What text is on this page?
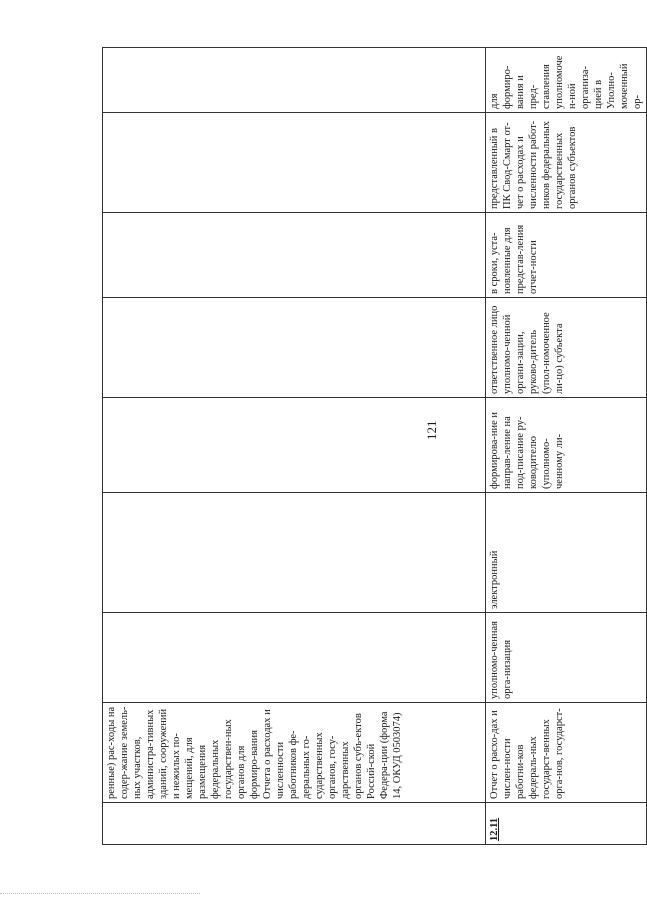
121
	ренные) рас-ходы на содер-жание земель-ных участков, администра-тивных зданий, сооружений и нежилых по-мещений, для размещения федеральных государствен-ных органов для формиро-вания Отчета о расходах и численности работников фе-деральных го-сударственных органов, госу-дарственных органов субъ-ектов Россий-ской Федера-ции (форма 14, ОКУД 0503074)							
12.11	Отчет о расхо-дах и числен-ности работни-ков федераль-ных государст-венных орга-нов, государст-	уполномо-ченная орга-низация	электронный	формирова-ние и направ-ление на под-писание ру-ководителю (уполномо-ченному ли-	ответственное лицо уполномо-ченной органи-зации, руково-дитель (упол-номоченное ли-цо) субъекта	в сроки, уста-новленные для представ-ления отчет-ности	представленный в ПК Свод-Смарт от-чет о расходах и численности работ-ников федеральных государственных органов субъектов	для формиро-вания и пред-ставления уполномочен-ной организа-цией в Уполно-моченный ор-
